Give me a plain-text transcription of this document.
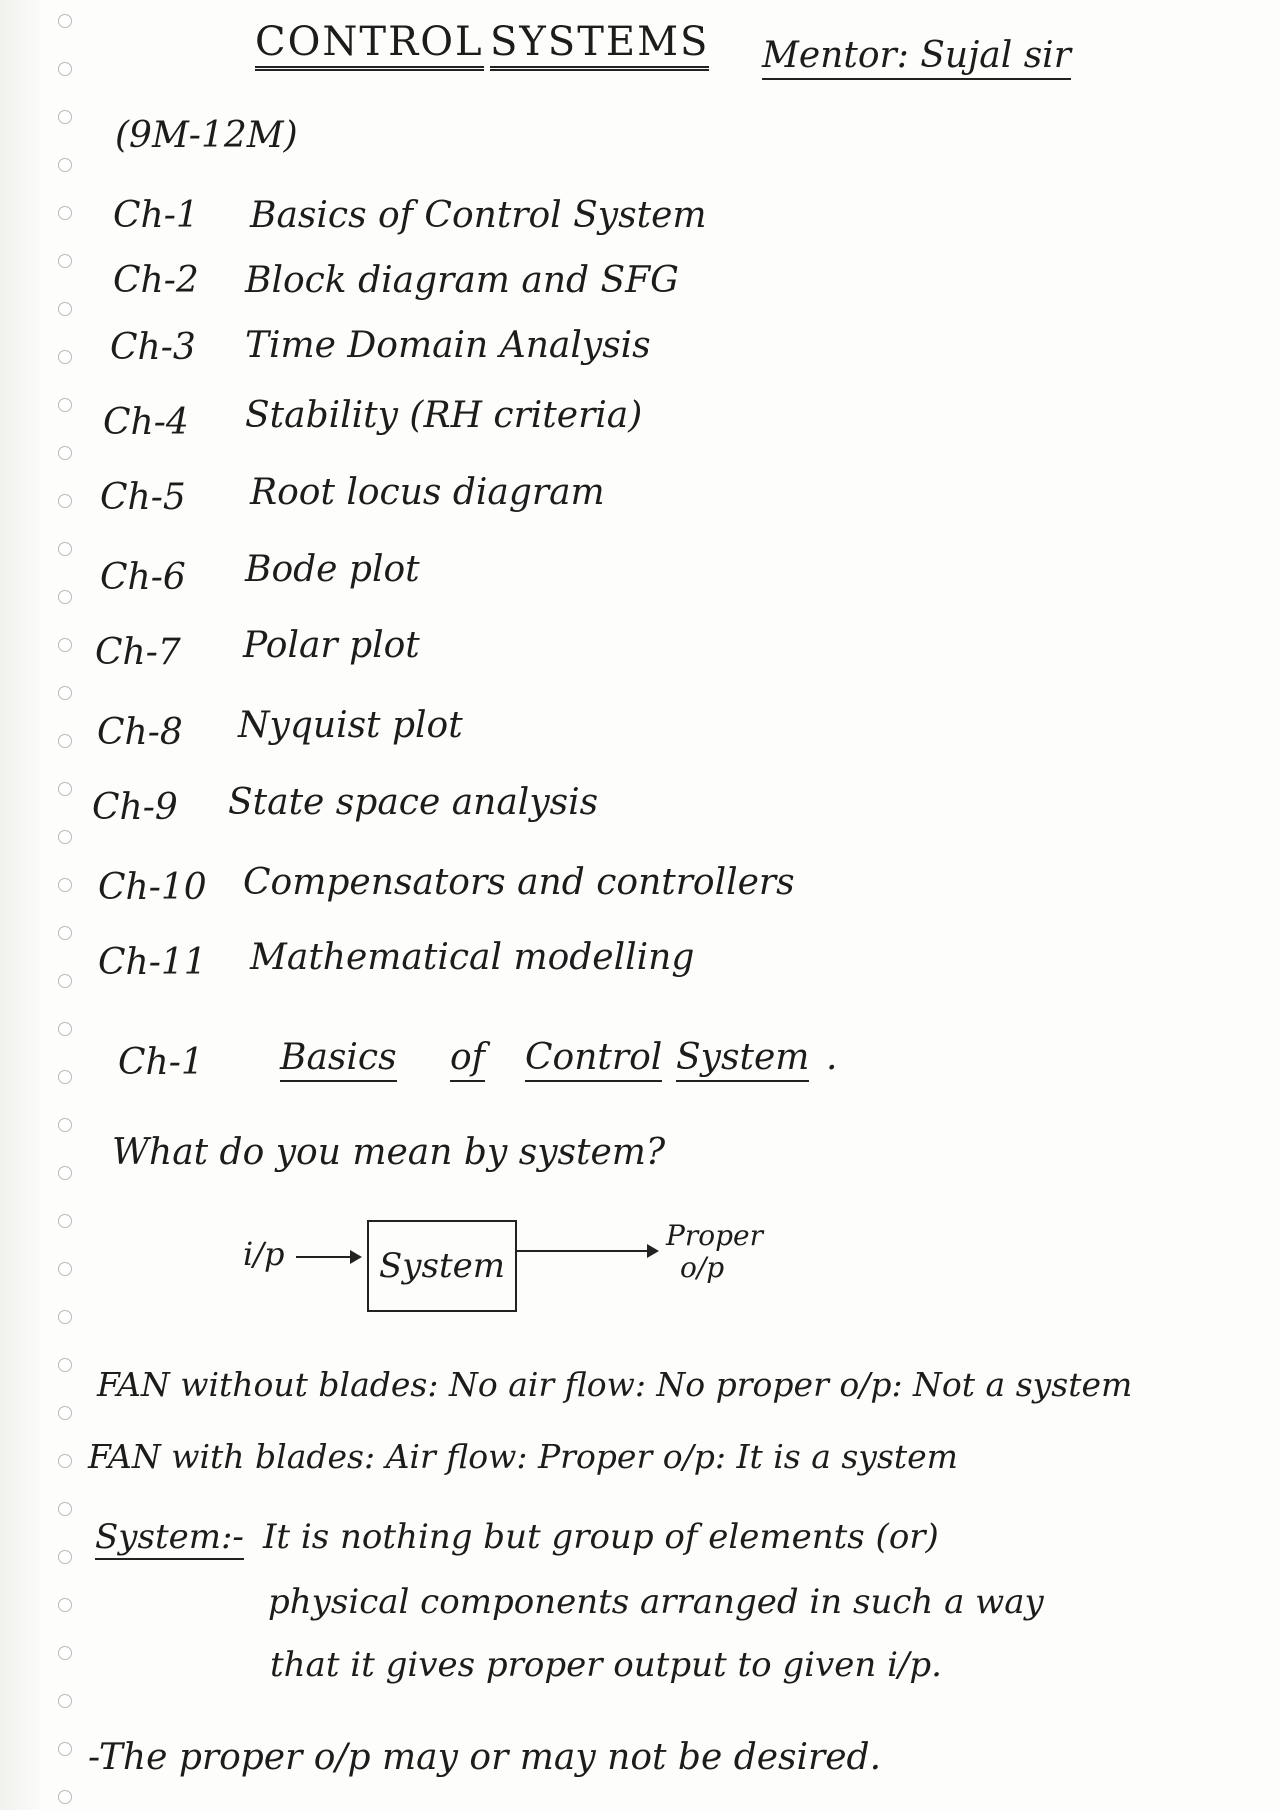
CONTROL SYSTEMS Mentor: Sujal sir
(9M-12M)
Ch-1 Basics of Control System
Ch-2 Block diagram and SFG
Ch-3 Time Domain Analysis
Ch-4 Stability (RH criteria)
Ch-5 Root locus diagram
Ch-6 Bode plot
Ch-7 Polar plot
Ch-8 Nyquist plot
Ch-9 State space analysis
Ch-10 Compensators and controllers
Ch-11 Mathematical modelling
Ch-1 Basics of Control System .
What do you mean by system?
i/p	System
Proper
o/p
FAN without blades: No air flow: No proper o/p: Not a system
FAN with blades: Air flow: Proper o/p: It is a system
System:- It is nothing but group of elements (or)
physical components arranged in such a way
that it gives proper output to given i/p.
-The proper o/p may or may not be desired.
